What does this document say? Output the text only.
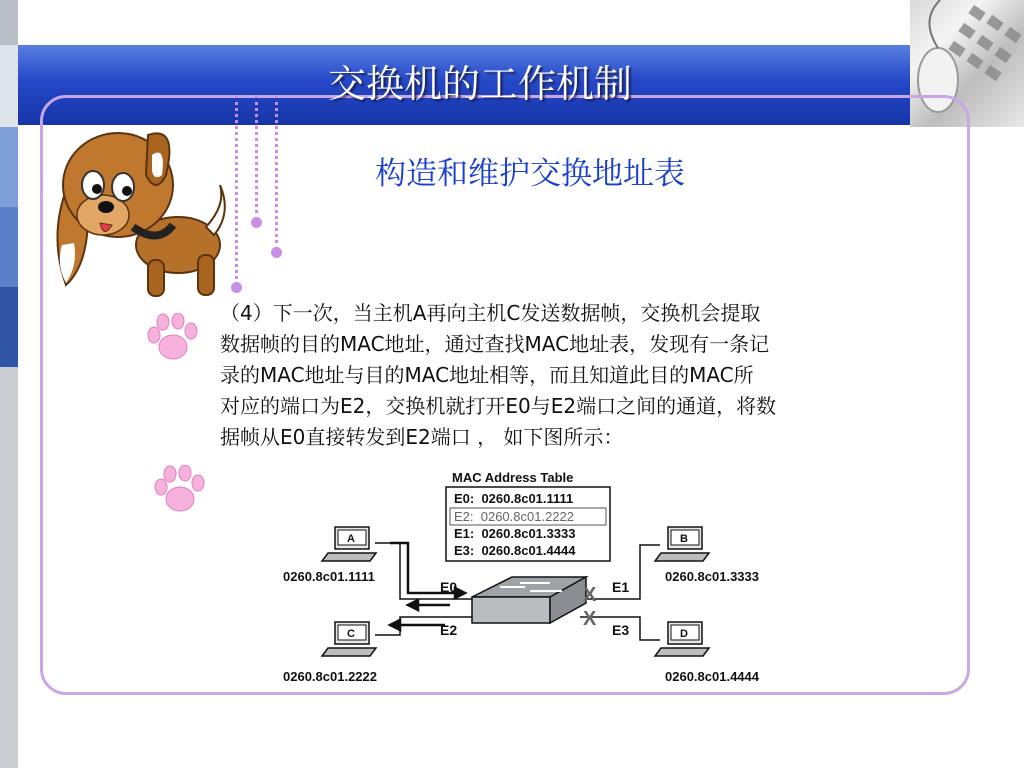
交换机的工作机制
构造和维护交换地址表
（4）下一次，当主机A再向主机C发送数据帧，交换机会提取
数据帧的目的MAC地址，通过查找MAC地址表，发现有一条记
录的MAC地址与目的MAC地址相等，而且知道此目的MAC所
对应的端口为E2，交换机就打开E0与E2端口之间的通道，将数
据帧从E0直接转发到E2端口 ， 如下图所示：
MAC Address Table
E0:  0260.8c01.1111
E2:  0260.8c01.2222
E1:  0260.8c01.3333
E3:  0260.8c01.4444
X
X
E0
E2
E1
E3
A
0260.8c01.1111
C
0260.8c01.2222
B
0260.8c01.3333
D
0260.8c01.4444
